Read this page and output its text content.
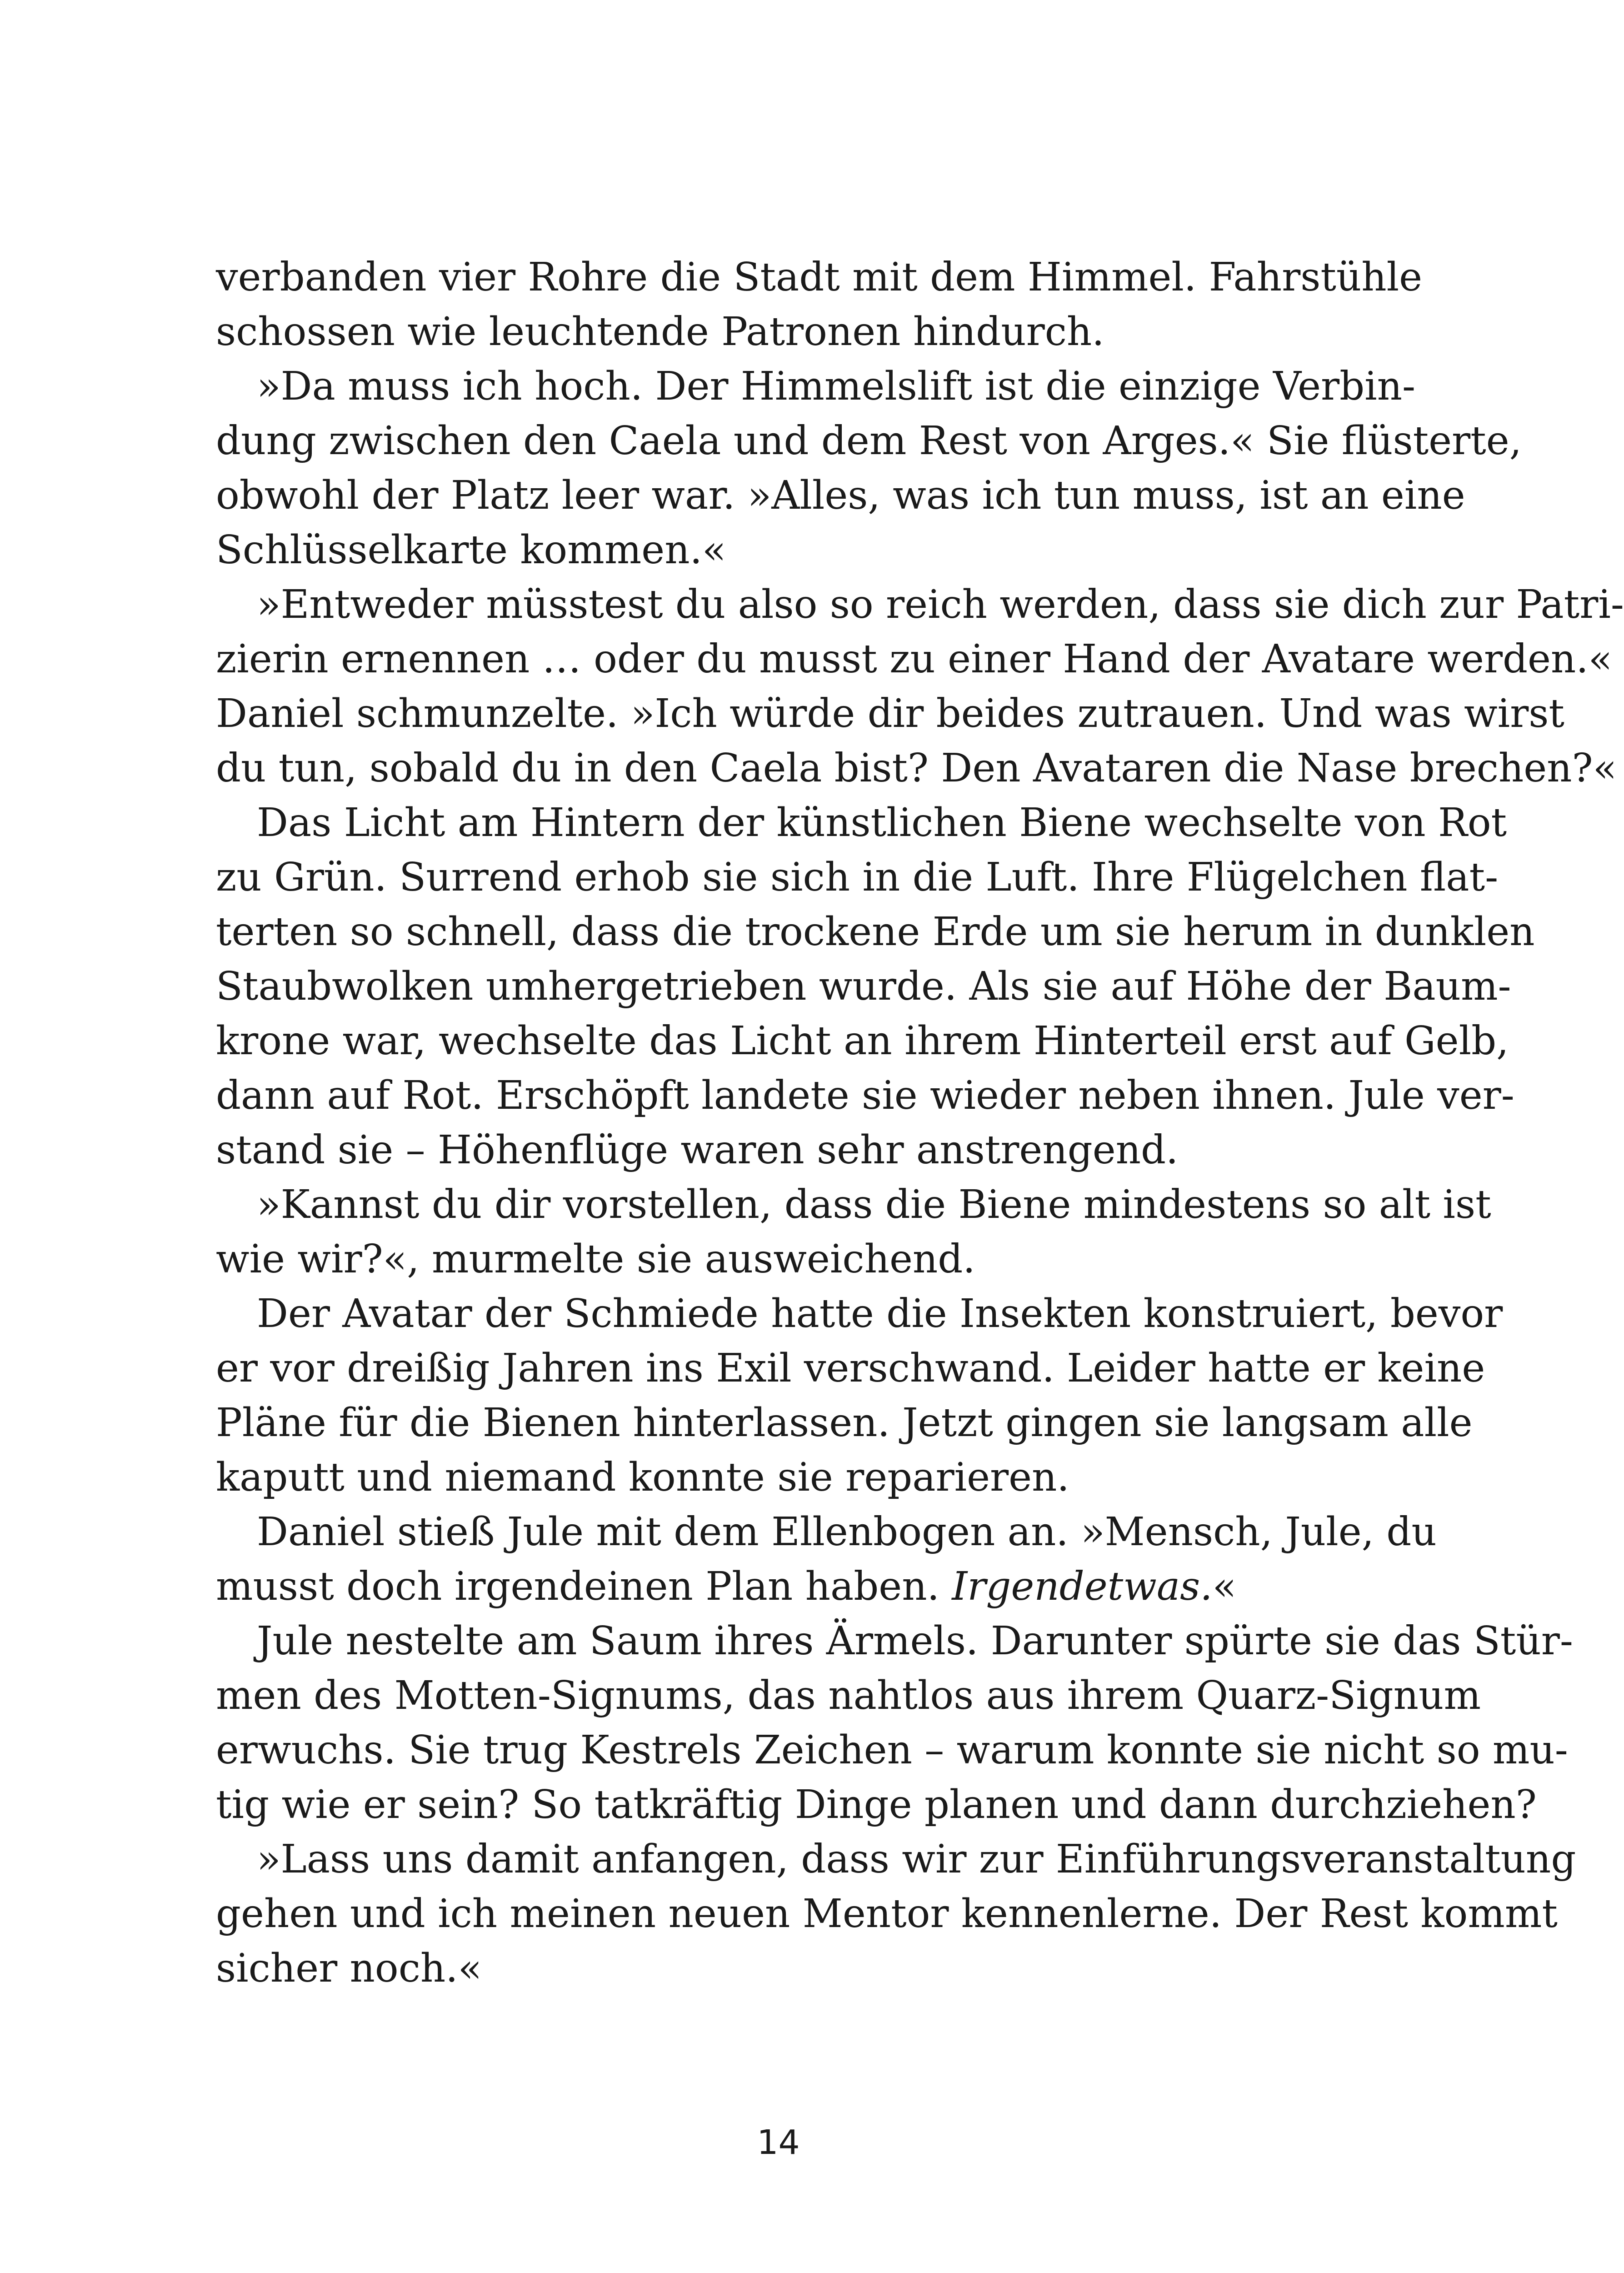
verbanden vier Rohre die Stadt mit dem Himmel. Fahrstühle
schossen wie leuchtende Patronen hindurch.
»Da muss ich hoch. Der Himmelslift ist die einzige Verbin-
dung zwischen den Caela und dem Rest von Arges.« Sie flüsterte,
obwohl der Platz leer war. »Alles, was ich tun muss, ist an eine
Schlüsselkarte kommen.«
»Entweder müsstest du also so reich werden, dass sie dich zur Patri-
zierin ernennen … oder du musst zu einer Hand der Avatare werden.«
Daniel schmunzelte. »Ich würde dir beides zutrauen. Und was wirst
du tun, sobald du in den Caela bist? Den Avataren die Nase brechen?«
Das Licht am Hintern der künstlichen Biene wechselte von Rot
zu Grün. Surrend erhob sie sich in die Luft. Ihre Flügelchen flat-
terten so schnell, dass die trockene Erde um sie herum in dunklen
Staubwolken umhergetrieben wurde. Als sie auf Höhe der Baum-
krone war, wechselte das Licht an ihrem Hinterteil erst auf Gelb,
dann auf Rot. Erschöpft landete sie wieder neben ihnen. Jule ver-
stand sie – Höhenflüge waren sehr anstrengend.
»Kannst du dir vorstellen, dass die Biene mindestens so alt ist
wie wir?«, murmelte sie ausweichend.
Der Avatar der Schmiede hatte die Insekten konstruiert, bevor
er vor dreißig Jahren ins Exil verschwand. Leider hatte er keine
Pläne für die Bienen hinterlassen. Jetzt gingen sie langsam alle
kaputt und niemand konnte sie reparieren.
Daniel stieß Jule mit dem Ellenbogen an. »Mensch, Jule, du
musst doch irgendeinen Plan haben. Irgendetwas.«
Jule nestelte am Saum ihres Ärmels. Darunter spürte sie das Stür-
men des Motten-Signums, das nahtlos aus ihrem Quarz-Signum
erwuchs. Sie trug Kestrels Zeichen – warum konnte sie nicht so mu-
tig wie er sein? So tatkräftig Dinge planen und dann durchziehen?
»Lass uns damit anfangen, dass wir zur Einführungsveranstaltung
gehen und ich meinen neuen Mentor kennenlerne. Der Rest kommt
sicher noch.«
14
